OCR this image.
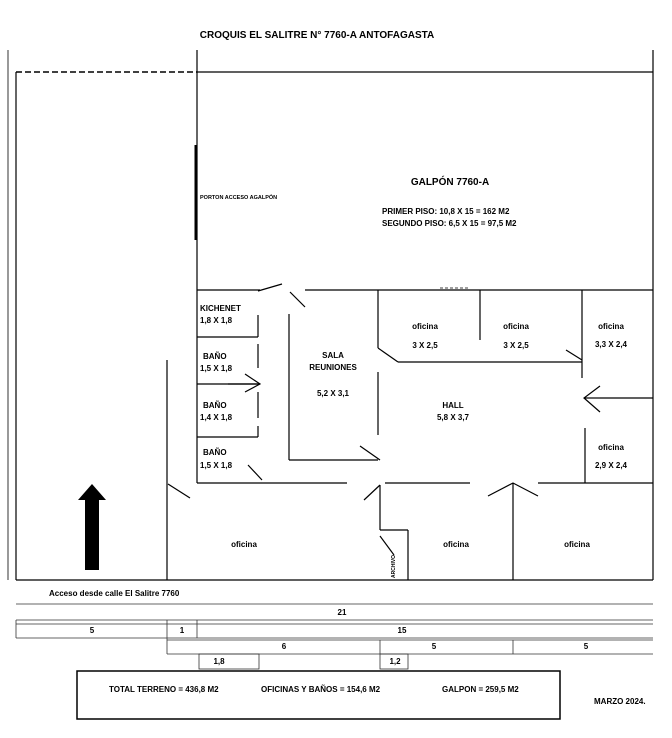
CROQUIS EL SALITRE N° 7760-A ANTOFAGASTA
GALPÓN 7760-A
PRIMER PISO: 10,8 X 15 = 162 M2
SEGUNDO PISO: 6,5 X 15 = 97,5 M2
PORTON ACCESO AGALPÓN
KICHENET
1,8 X 1,8
BAÑO
1,5 X 1,8
BAÑO
1,4 X 1,8
BAÑO
1,5 X 1,8
SALA
REUNIONES
5,2 X 3,1
oficina
3 X 2,5
oficina
3 X 2,5
oficina
3,3 X 2,4
oficina
2,9 X 2,4
HALL
5,8 X 3,7
oficina	oficina	oficina
ARCHIVO
Acceso desde calle El Salitre 7760
21
5	1	15
6	5	5
1,8	1,2
TOTAL TERRENO = 436,8 M2	OFICINAS Y BAÑOS = 154,6 M2	GALPON = 259,5 M2
MARZO 2024.
